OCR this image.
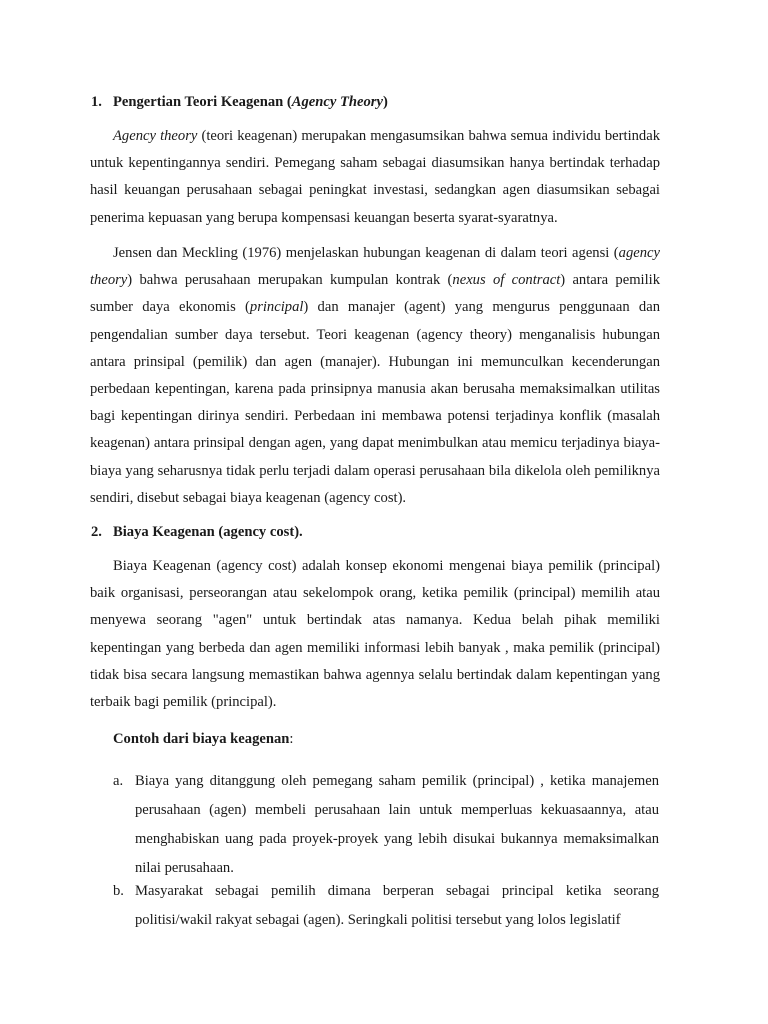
1. Pengertian Teori Keagenan (Agency Theory)

Agency theory (teori keagenan) merupakan mengasumsikan bahwa semua individu bertindak untuk kepentingannya sendiri. Pemegang saham sebagai diasumsikan hanya bertindak terhadap hasil keuangan perusahaan sebagai peningkat investasi, sedangkan agen diasumsikan sebagai penerima kepuasan yang berupa kompensasi keuangan beserta syarat-syaratnya.

Jensen dan Meckling (1976) menjelaskan hubungan keagenan di dalam teori agensi (agency theory) bahwa perusahaan merupakan kumpulan kontrak (nexus of contract) antara pemilik sumber daya ekonomis (principal) dan manajer (agent) yang mengurus penggunaan dan pengendalian sumber daya tersebut. Teori keagenan (agency theory) menganalisis hubungan antara prinsipal (pemilik) dan agen (manajer). Hubungan ini memunculkan kecenderungan perbedaan kepentingan, karena pada prinsipnya manusia akan berusaha memaksimalkan utilitas bagi kepentingan dirinya sendiri. Perbedaan ini membawa potensi terjadinya konflik (masalah keagenan) antara prinsipal dengan agen, yang dapat menimbulkan atau memicu terjadinya biaya-biaya yang seharusnya tidak perlu terjadi dalam operasi perusahaan bila dikelola oleh pemiliknya sendiri, disebut sebagai biaya keagenan (agency cost).

2. Biaya Keagenan (agency cost).

Biaya Keagenan (agency cost) adalah konsep ekonomi mengenai biaya pemilik (principal) baik organisasi, perseorangan atau sekelompok orang, ketika pemilik (principal) memilih atau menyewa seorang "agen" untuk bertindak atas namanya. Kedua belah pihak memiliki kepentingan yang berbeda dan agen memiliki informasi lebih banyak , maka pemilik (principal) tidak bisa secara langsung memastikan bahwa agennya selalu bertindak dalam kepentingan yang terbaik bagi pemilik (principal).

Contoh dari biaya keagenan:
a. Biaya yang ditanggung oleh pemegang saham pemilik (principal) , ketika manajemen perusahaan (agen) membeli perusahaan lain untuk memperluas kekuasaannya, atau menghabiskan uang pada proyek-proyek yang lebih disukai bukannya memaksimalkan nilai perusahaan.
b. Masyarakat sebagai pemilih dimana berperan sebagai principal ketika seorang politisi/wakil rakyat sebagai (agen). Seringkali politisi tersebut yang lolos legislatif
